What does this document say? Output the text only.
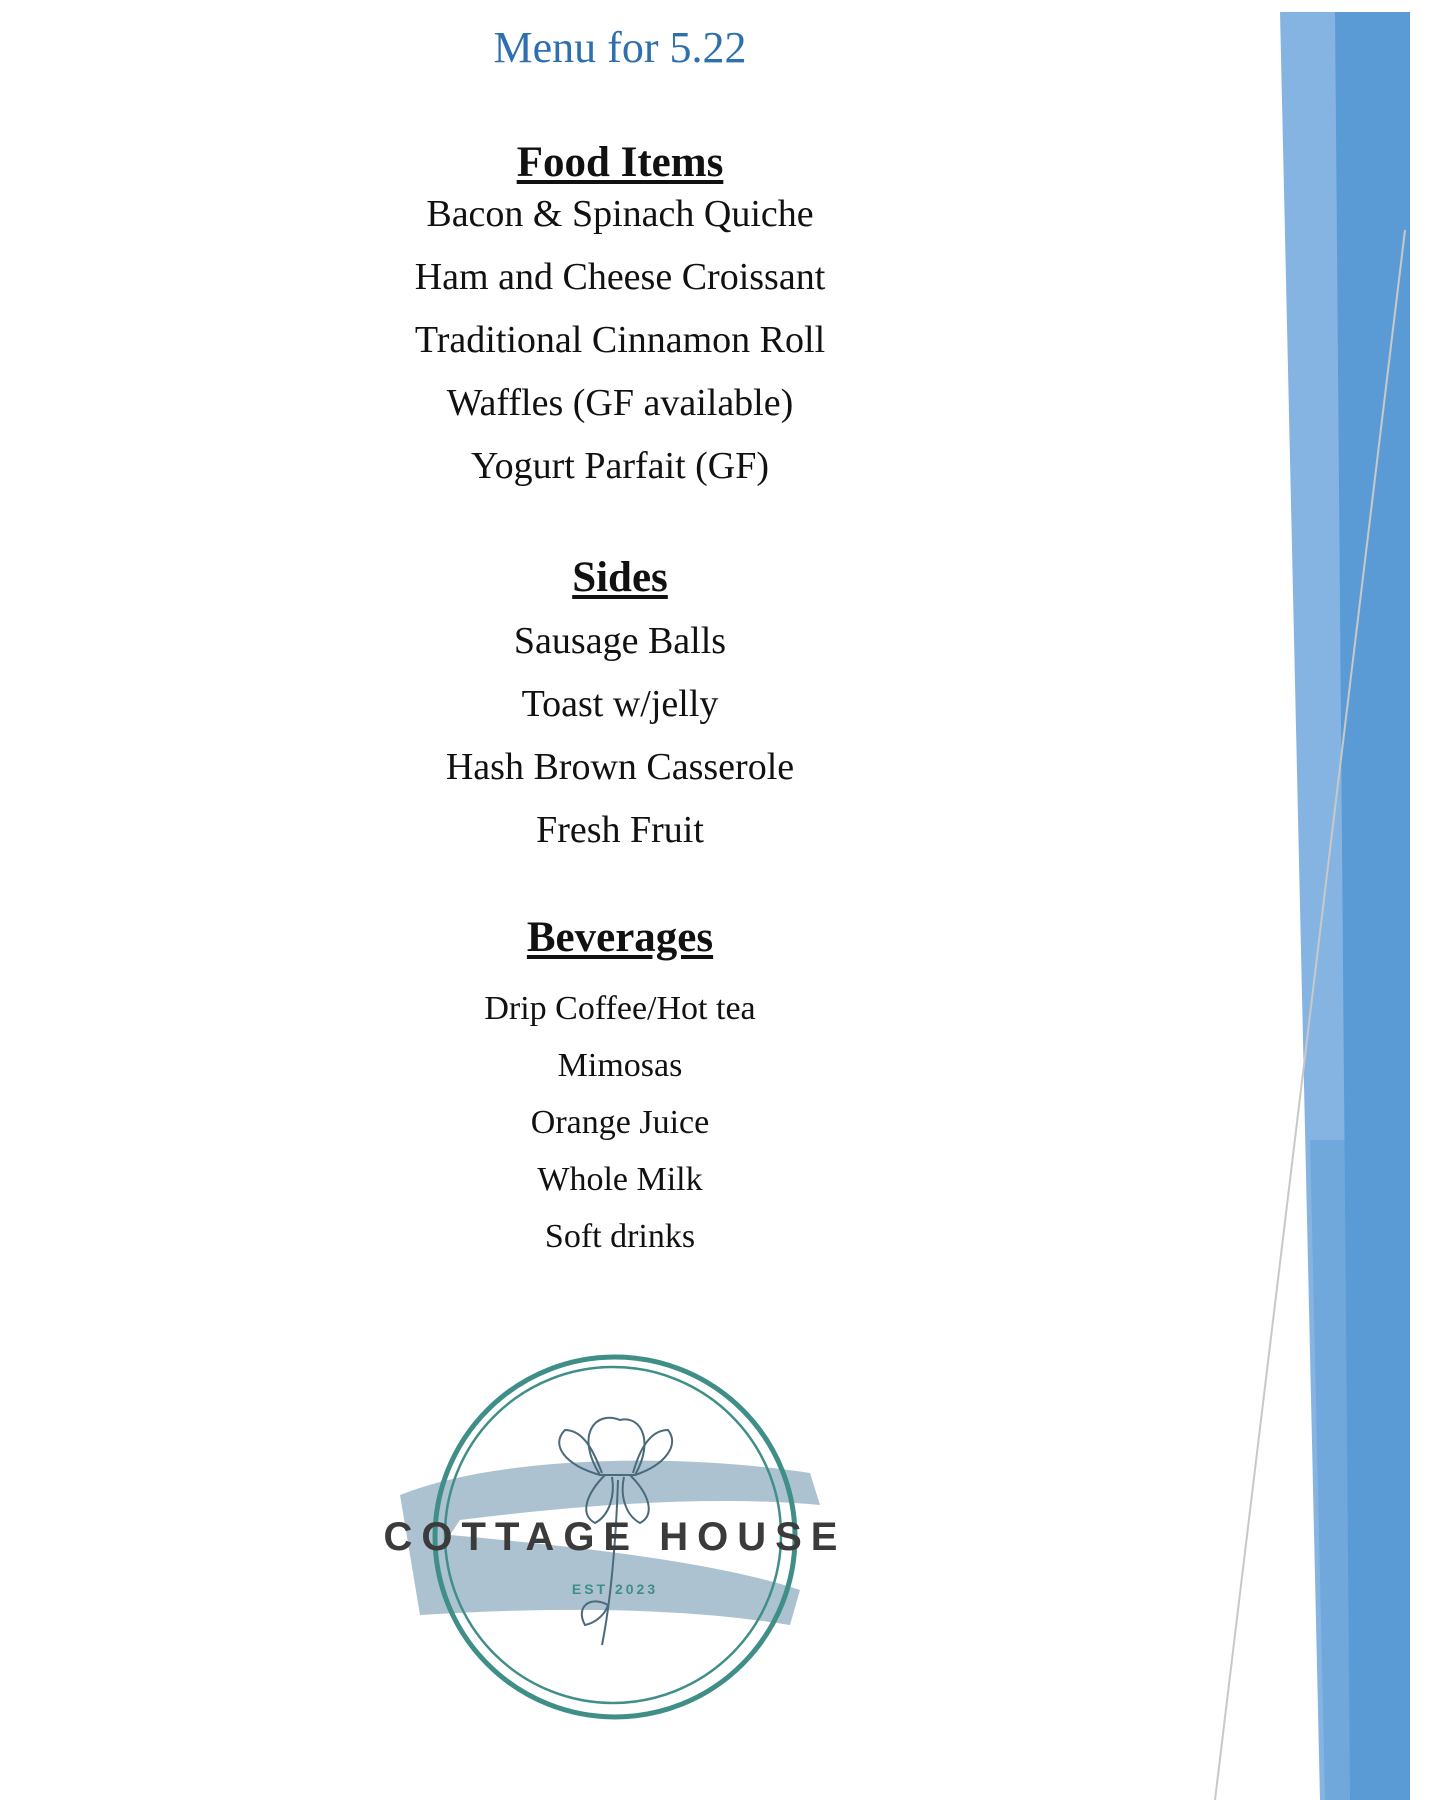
Menu for 5.22
Food Items
Bacon & Spinach Quiche
Ham and Cheese Croissant
Traditional Cinnamon Roll
Waffles (GF available)
Yogurt Parfait (GF)
Sides
Sausage Balls
Toast w/jelly
Hash Brown Casserole
Fresh Fruit
Beverages
Drip Coffee/Hot tea
Mimosas
Orange Juice
Whole Milk
Soft drinks
COTTAGE HOUSE
EST 2023
